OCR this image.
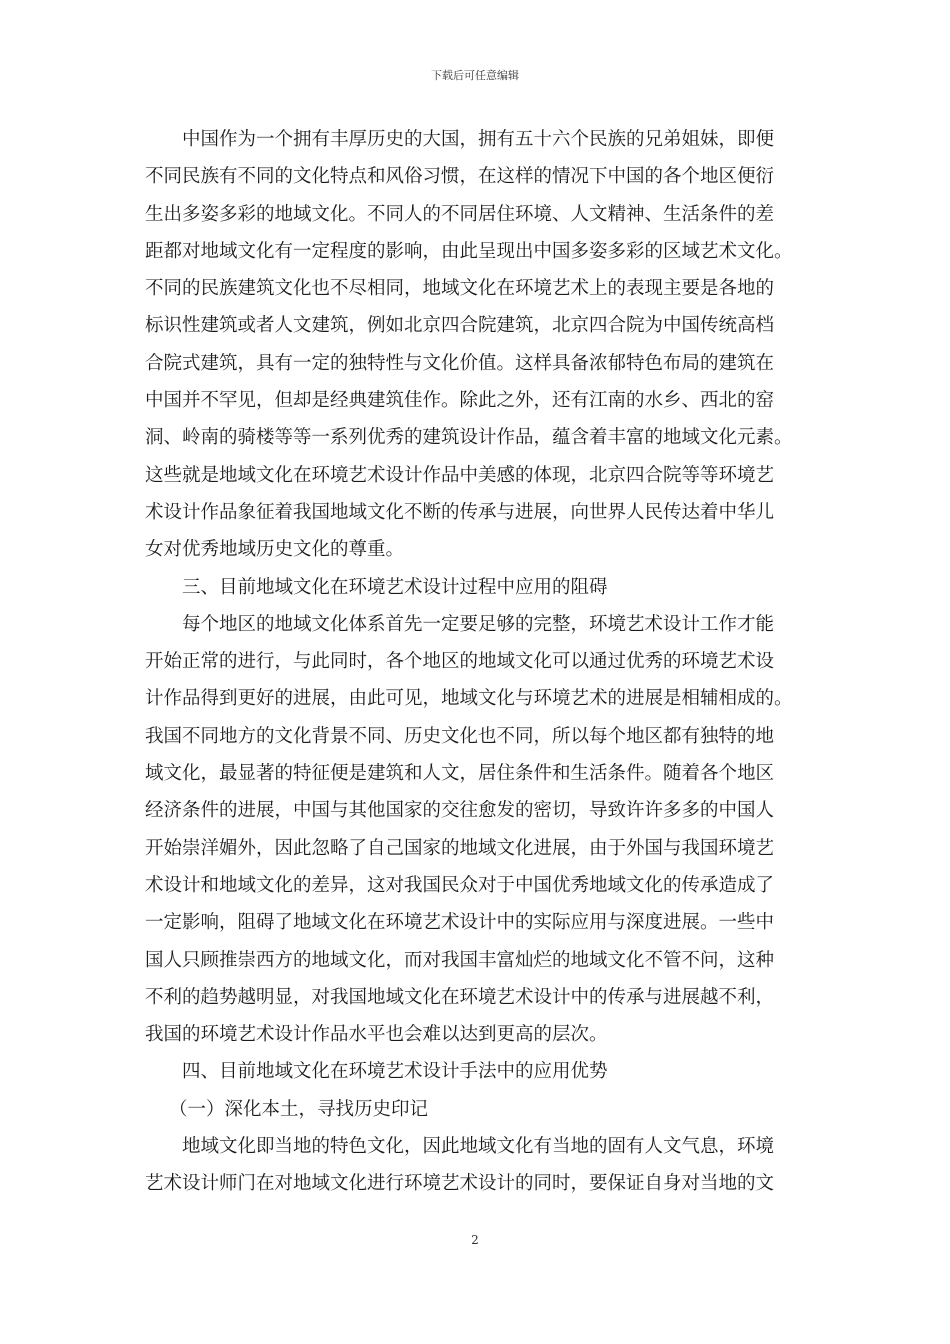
下载后可任意编辑
中国作为一个拥有丰厚历史的大国，拥有五十六个民族的兄弟姐妹，即便
不同民族有不同的文化特点和风俗习惯，在这样的情况下中国的各个地区便衍
生出多姿多彩的地域文化。不同人的不同居住环境、人文精神、生活条件的差
距都对地域文化有一定程度的影响，由此呈现出中国多姿多彩的区域艺术文化。
不同的民族建筑文化也不尽相同，地域文化在环境艺术上的表现主要是各地的
标识性建筑或者人文建筑，例如北京四合院建筑，北京四合院为中国传统高档
合院式建筑，具有一定的独特性与文化价值。这样具备浓郁特色布局的建筑在
中国并不罕见，但却是经典建筑佳作。除此之外，还有江南的水乡、西北的窑
洞、岭南的骑楼等等一系列优秀的建筑设计作品，蕴含着丰富的地域文化元素。
这些就是地域文化在环境艺术设计作品中美感的体现，北京四合院等等环境艺
术设计作品象征着我国地域文化不断的传承与进展，向世界人民传达着中华儿
女对优秀地域历史文化的尊重。
三、目前地域文化在环境艺术设计过程中应用的阻碍
每个地区的地域文化体系首先一定要足够的完整，环境艺术设计工作才能
开始正常的进行，与此同时，各个地区的地域文化可以通过优秀的环境艺术设
计作品得到更好的进展，由此可见，地域文化与环境艺术的进展是相辅相成的。
我国不同地方的文化背景不同、历史文化也不同，所以每个地区都有独特的地
域文化，最显著的特征便是建筑和人文，居住条件和生活条件。随着各个地区
经济条件的进展，中国与其他国家的交往愈发的密切，导致许许多多的中国人
开始崇洋媚外，因此忽略了自己国家的地域文化进展，由于外国与我国环境艺
术设计和地域文化的差异，这对我国民众对于中国优秀地域文化的传承造成了
一定影响，阻碍了地域文化在环境艺术设计中的实际应用与深度进展。一些中
国人只顾推崇西方的地域文化，而对我国丰富灿烂的地域文化不管不问，这种
不利的趋势越明显，对我国地域文化在环境艺术设计中的传承与进展越不利，
我国的环境艺术设计作品水平也会难以达到更高的层次。
四、目前地域文化在环境艺术设计手法中的应用优势
（一）深化本土，寻找历史印记
地域文化即当地的特色文化，因此地域文化有当地的固有人文气息，环境
艺术设计师门在对地域文化进行环境艺术设计的同时，要保证自身对当地的文
2
